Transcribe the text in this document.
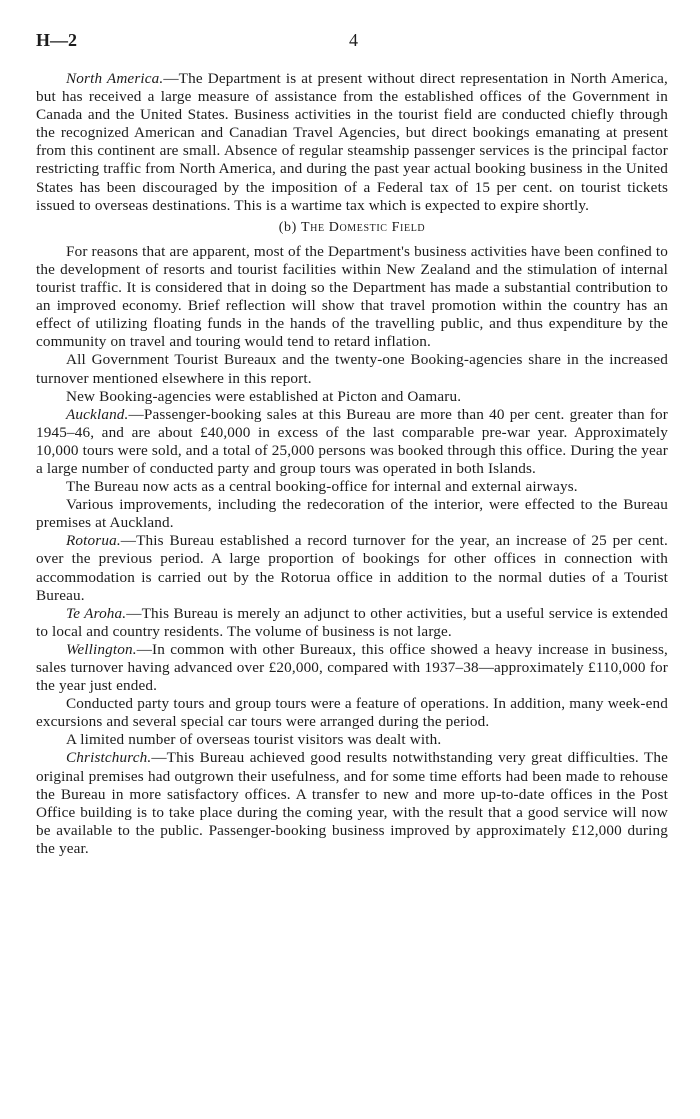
H—2	4

North America.—The Department is at present without direct representation in North America, but has received a large measure of assistance from the established offices of the Government in Canada and the United States. Business activities in the tourist field are conducted chiefly through the recognized American and Canadian Travel Agencies, but direct bookings emanating at present from this continent are small. Absence of regular steamship passenger services is the principal factor restricting traffic from North America, and during the past year actual booking business in the United States has been discouraged by the imposition of a Federal tax of 15 per cent. on tourist tickets issued to overseas destinations. This is a wartime tax which is expected to expire shortly.

(b) The Domestic Field

For reasons that are apparent, most of the Department's business activities have been confined to the development of resorts and tourist facilities within New Zealand and the stimulation of internal tourist traffic. It is considered that in doing so the Department has made a substantial contribution to an improved economy. Brief reflection will show that travel promotion within the country has an effect of utilizing floating funds in the hands of the travelling public, and thus expenditure by the community on travel and touring would tend to retard inflation.

All Government Tourist Bureaux and the twenty-one Booking-agencies share in the increased turnover mentioned elsewhere in this report.

New Booking-agencies were established at Picton and Oamaru.

Auckland.—Passenger-booking sales at this Bureau are more than 40 per cent. greater than for 1945–46, and are about £40,000 in excess of the last comparable pre-war year. Approximately 10,000 tours were sold, and a total of 25,000 persons was booked through this office. During the year a large number of conducted party and group tours was operated in both Islands.

The Bureau now acts as a central booking-office for internal and external airways.

Various improvements, including the redecoration of the interior, were effected to the Bureau premises at Auckland.

Rotorua.—This Bureau established a record turnover for the year, an increase of 25 per cent. over the previous period. A large proportion of bookings for other offices in connection with accommodation is carried out by the Rotorua office in addition to the normal duties of a Tourist Bureau.

Te Aroha.—This Bureau is merely an adjunct to other activities, but a useful service is extended to local and country residents. The volume of business is not large.

Wellington.—In common with other Bureaux, this office showed a heavy increase in business, sales turnover having advanced over £20,000, compared with 1937–38—approximately £110,000 for the year just ended.

Conducted party tours and group tours were a feature of operations. In addition, many week-end excursions and several special car tours were arranged during the period.

A limited number of overseas tourist visitors was dealt with.

Christchurch.—This Bureau achieved good results notwithstanding very great difficulties. The original premises had outgrown their usefulness, and for some time efforts had been made to rehouse the Bureau in more satisfactory offices. A transfer to new and more up-to-date offices in the Post Office building is to take place during the coming year, with the result that a good service will now be available to the public. Passenger-booking business improved by approximately £12,000 during the year.
